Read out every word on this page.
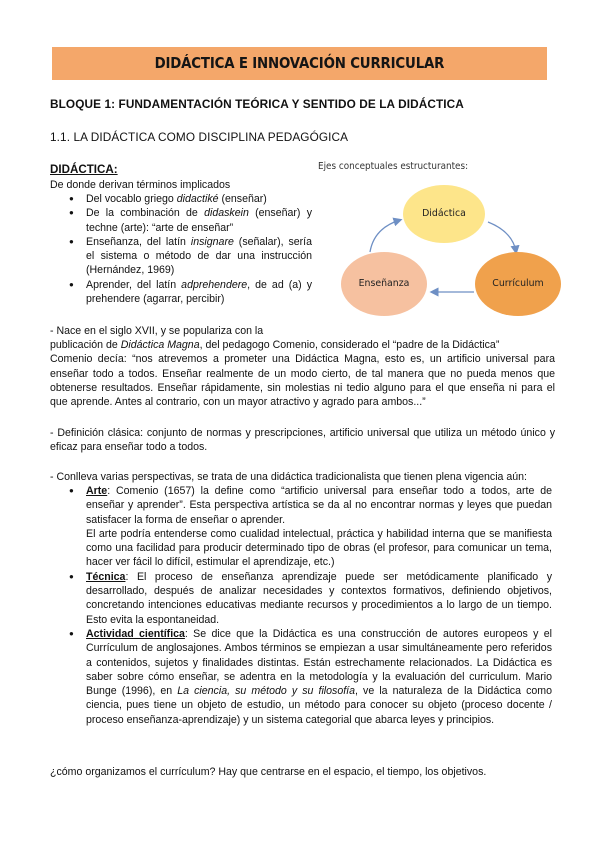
DIDÁCTICA E INNOVACIÓN CURRICULAR
BLOQUE 1: FUNDAMENTACIÓN TEÓRICA Y SENTIDO DE LA DIDÁCTICA
1.1. LA DIDÁCTICA COMO DISCIPLINA PEDAGÓGICA
DIDÁCTICA:
De donde derivan términos implicados
● Del vocablo griego didactiké (enseñar)
● De la combinación de didaskein (enseñar) y techne (arte): “arte de enseñar”
● Enseñanza, del latín insignare (señalar), sería el sistema o método de dar una instrucción (Hernández, 1969)
● Aprender, del latín adprehendere, de ad (a) y prehendere (agarrar, percibir)
Ejes conceptuales estructurantes:
Didáctica
Enseñanza	Currículum
- Nace en el siglo XVII, y se populariza con la
publicación de Didáctica Magna, del pedagogo Comenio, considerado el “padre de la Didáctica”
Comenio decía: “nos atrevemos a prometer una Didáctica Magna, esto es, un artificio universal para enseñar todo a todos. Enseñar realmente de un modo cierto, de tal manera que no pueda menos que obtenerse resultados. Enseñar rápidamente, sin molestias ni tedio alguno para el que enseña ni para el que aprende. Antes al contrario, con un mayor atractivo y agrado para ambos...”
- Definición clásica: conjunto de normas y prescripciones, artificio universal que utiliza un método único y eficaz para enseñar todo a todos.
- Conlleva varias perspectivas, se trata de una didáctica tradicionalista que tienen plena vigencia aún:
● Arte: Comenio (1657) la define como “artificio universal para enseñar todo a todos, arte de enseñar y aprender”. Esta perspectiva artística se da al no encontrar normas y leyes que puedan satisfacer la forma de enseñar o aprender.
El arte podría entenderse como cualidad intelectual, práctica y habilidad interna que se manifiesta como una facilidad para producir determinado tipo de obras (el profesor, para comunicar un tema, hacer ver fácil lo difícil, estimular el aprendizaje, etc.)
● Técnica: El proceso de enseñanza aprendizaje puede ser metódicamente planificado y desarrollado, después de analizar necesidades y contextos formativos, definiendo objetivos, concretando intenciones educativas mediante recursos y procedimientos a lo largo de un tiempo. Esto evita la espontaneidad.
● Actividad científica: Se dice que la Didáctica es una construcción de autores europeos y el Currículum de anglosajones. Ambos términos se empiezan a usar simultáneamente pero referidos a contenidos, sujetos y finalidades distintas. Están estrechamente relacionados. La Didáctica es saber sobre cómo enseñar, se adentra en la metodología y la evaluación del curriculum. Mario Bunge (1996), en La ciencia, su método y su filosofía, ve la naturaleza de la Didáctica como ciencia, pues tiene un objeto de estudio, un método para conocer su objeto (proceso docente / proceso enseñanza-aprendizaje) y un sistema categorial que abarca leyes y principios.
¿cómo organizamos el currículum? Hay que centrarse en el espacio, el tiempo, los objetivos.
